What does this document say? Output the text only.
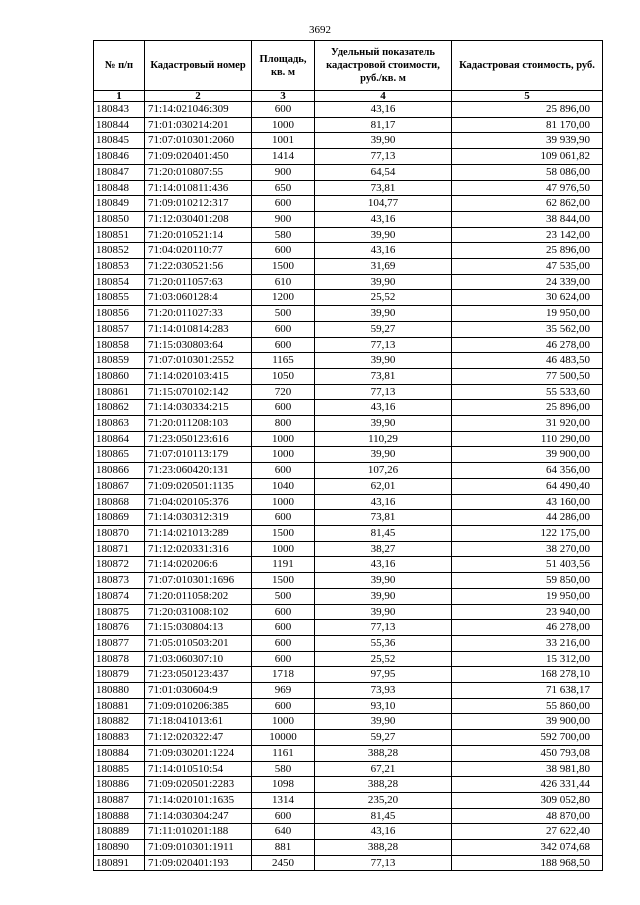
3692
№ п/п	Кадастровый номер	Площадь, кв. м	Удельный показатель кадастровой стоимости, руб./кв. м	Кадастровая стоимость, руб.
1	2	3	4	5
180843	71:14:021046:309	600	43,16	25 896,00
180844	71:01:030214:201	1000	81,17	81 170,00
180845	71:07:010301:2060	1001	39,90	39 939,90
180846	71:09:020401:450	1414	77,13	109 061,82
180847	71:20:010807:55	900	64,54	58 086,00
180848	71:14:010811:436	650	73,81	47 976,50
180849	71:09:010212:317	600	104,77	62 862,00
180850	71:12:030401:208	900	43,16	38 844,00
180851	71:20:010521:14	580	39,90	23 142,00
180852	71:04:020110:77	600	43,16	25 896,00
180853	71:22:030521:56	1500	31,69	47 535,00
180854	71:20:011057:63	610	39,90	24 339,00
180855	71:03:060128:4	1200	25,52	30 624,00
180856	71:20:011027:33	500	39,90	19 950,00
180857	71:14:010814:283	600	59,27	35 562,00
180858	71:15:030803:64	600	77,13	46 278,00
180859	71:07:010301:2552	1165	39,90	46 483,50
180860	71:14:020103:415	1050	73,81	77 500,50
180861	71:15:070102:142	720	77,13	55 533,60
180862	71:14:030334:215	600	43,16	25 896,00
180863	71:20:011208:103	800	39,90	31 920,00
180864	71:23:050123:616	1000	110,29	110 290,00
180865	71:07:010113:179	1000	39,90	39 900,00
180866	71:23:060420:131	600	107,26	64 356,00
180867	71:09:020501:1135	1040	62,01	64 490,40
180868	71:04:020105:376	1000	43,16	43 160,00
180869	71:14:030312:319	600	73,81	44 286,00
180870	71:14:021013:289	1500	81,45	122 175,00
180871	71:12:020331:316	1000	38,27	38 270,00
180872	71:14:020206:6	1191	43,16	51 403,56
180873	71:07:010301:1696	1500	39,90	59 850,00
180874	71:20:011058:202	500	39,90	19 950,00
180875	71:20:031008:102	600	39,90	23 940,00
180876	71:15:030804:13	600	77,13	46 278,00
180877	71:05:010503:201	600	55,36	33 216,00
180878	71:03:060307:10	600	25,52	15 312,00
180879	71:23:050123:437	1718	97,95	168 278,10
180880	71:01:030604:9	969	73,93	71 638,17
180881	71:09:010206:385	600	93,10	55 860,00
180882	71:18:041013:61	1000	39,90	39 900,00
180883	71:12:020322:47	10000	59,27	592 700,00
180884	71:09:030201:1224	1161	388,28	450 793,08
180885	71:14:010510:54	580	67,21	38 981,80
180886	71:09:020501:2283	1098	388,28	426 331,44
180887	71:14:020101:1635	1314	235,20	309 052,80
180888	71:14:030304:247	600	81,45	48 870,00
180889	71:11:010201:188	640	43,16	27 622,40
180890	71:09:010301:1911	881	388,28	342 074,68
180891	71:09:020401:193	2450	77,13	188 968,50
